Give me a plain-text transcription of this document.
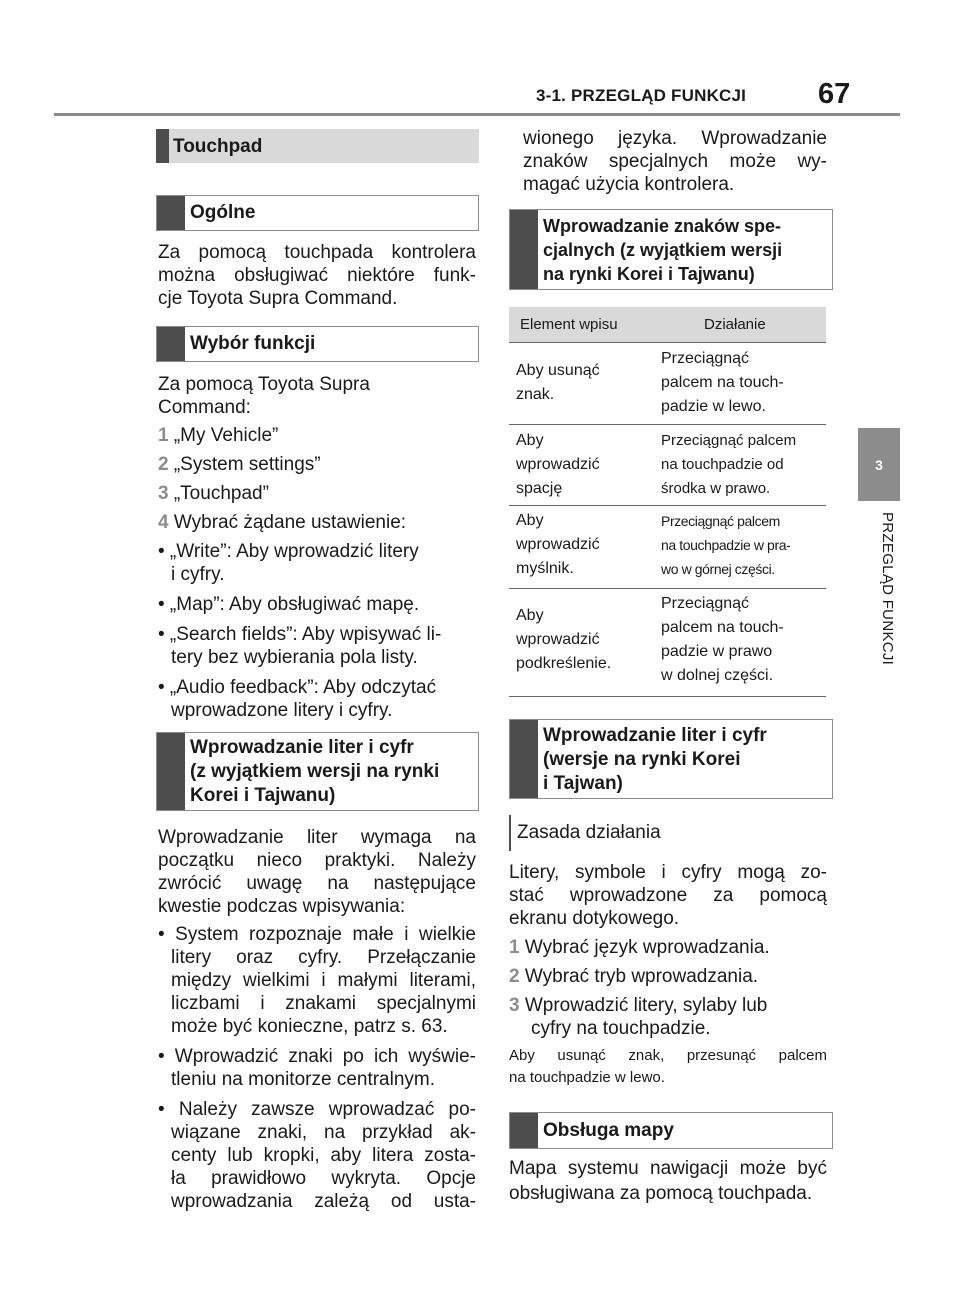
3-1. PRZEGLĄD FUNKCJI 67
3
PRZEGLĄD FUNKCJI
Touchpad
Ogólne
Za pomocą touchpada kontrolera
można obsługiwać niektóre funk-
cje Toyota Supra Command.
Wybór funkcji
Za pomocą Toyota Supra
Command:
1 „My Vehicle”
2 „System settings”
3 „Touchpad”
4 Wybrać żądane ustawienie:
• „Write”: Aby wprowadzić litery
i cyfry.
• „Map”: Aby obsługiwać mapę.
• „Search fields”: Aby wpisywać li-
tery bez wybierania pola listy.
• „Audio feedback”: Aby odczytać
wprowadzone litery i cyfry.
Wprowadzanie liter i cyfr
(z wyjątkiem wersji na rynki
Korei i Tajwanu)
Wprowadzanie liter wymaga na
początku nieco praktyki. Należy
zwrócić uwagę na następujące
kwestie podczas wpisywania:
• System rozpoznaje małe i wielkie
litery oraz cyfry. Przełączanie
między wielkimi i małymi literami,
liczbami i znakami specjalnymi
może być konieczne, patrz s. 63.
• Wprowadzić znaki po ich wyświe-
tleniu na monitorze centralnym.
• Należy zawsze wprowadzać po-
wiązane znaki, na przykład ak-
centy lub kropki, aby litera zosta-
ła prawidłowo wykryta. Opcje
wprowadzania zależą od usta-
wionego języka. Wprowadzanie
znaków specjalnych może wy-
magać użycia kontrolera.
Wprowadzanie znaków spe-
cjalnych (z wyjątkiem wersji
na rynki Korei i Tajwanu)
Element wpisu	Działanie
Aby usunąć
znak.
Przeciągnąć
palcem na touch-
padzie w lewo.
Aby
wprowadzić
spację
Przeciągnąć palcem
na touchpadzie od
środka w prawo.
Aby
wprowadzić
myślnik.
Przeciągnąć palcem
na touchpadzie w pra-
wo w górnej części.
Aby
wprowadzić
podkreślenie.
Przeciągnąć
palcem na touch-
padzie w prawo
w dolnej części.
Wprowadzanie liter i cyfr
(wersje na rynki Korei
i Tajwan)
Zasada działania
Litery, symbole i cyfry mogą zo-
stać wprowadzone za pomocą
ekranu dotykowego.
1 Wybrać język wprowadzania.
2 Wybrać tryb wprowadzania.
3 Wprowadzić litery, sylaby lub
cyfry na touchpadzie.
Aby usunąć znak, przesunąć palcem
na touchpadzie w lewo.
Obsługa mapy
Mapa systemu nawigacji może być
obsługiwana za pomocą touchpada.
